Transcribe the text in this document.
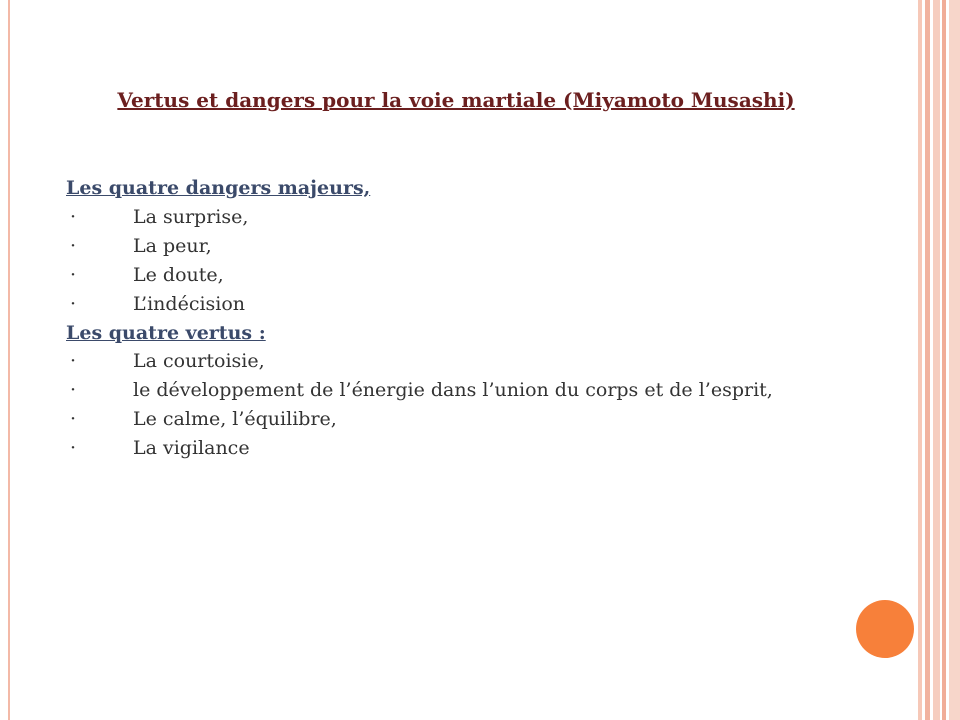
Vertus et dangers pour la voie martiale (Miyamoto Musashi)
Les quatre dangers majeurs,
·	La surprise,
·	La peur,
·	Le doute,
·	L’indécision
Les quatre vertus :
·	La courtoisie,
·	le développement de l’énergie dans l’union du corps et de l’esprit,
·	Le calme, l’équilibre,
·	La vigilance
